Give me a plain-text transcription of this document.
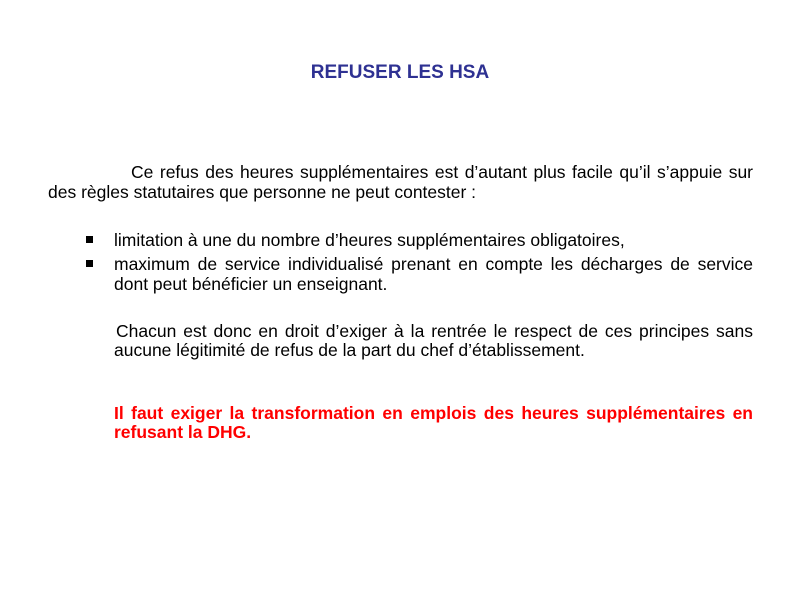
REFUSER LES HSA

Ce refus des heures supplémentaires est d’autant plus facile qu’il s’appuie sur des règles statutaires que personne ne peut contester :

limitation à une du nombre d’heures supplémentaires obligatoires,
maximum de service individualisé prenant en compte les décharges de service dont peut bénéficier un enseignant.

Chacun est donc en droit d’exiger à la rentrée le respect de ces principes sans aucune légitimité de refus de la part du chef d’établissement.

Il faut exiger la transformation en emplois des heures supplémentaires en refusant la DHG.
